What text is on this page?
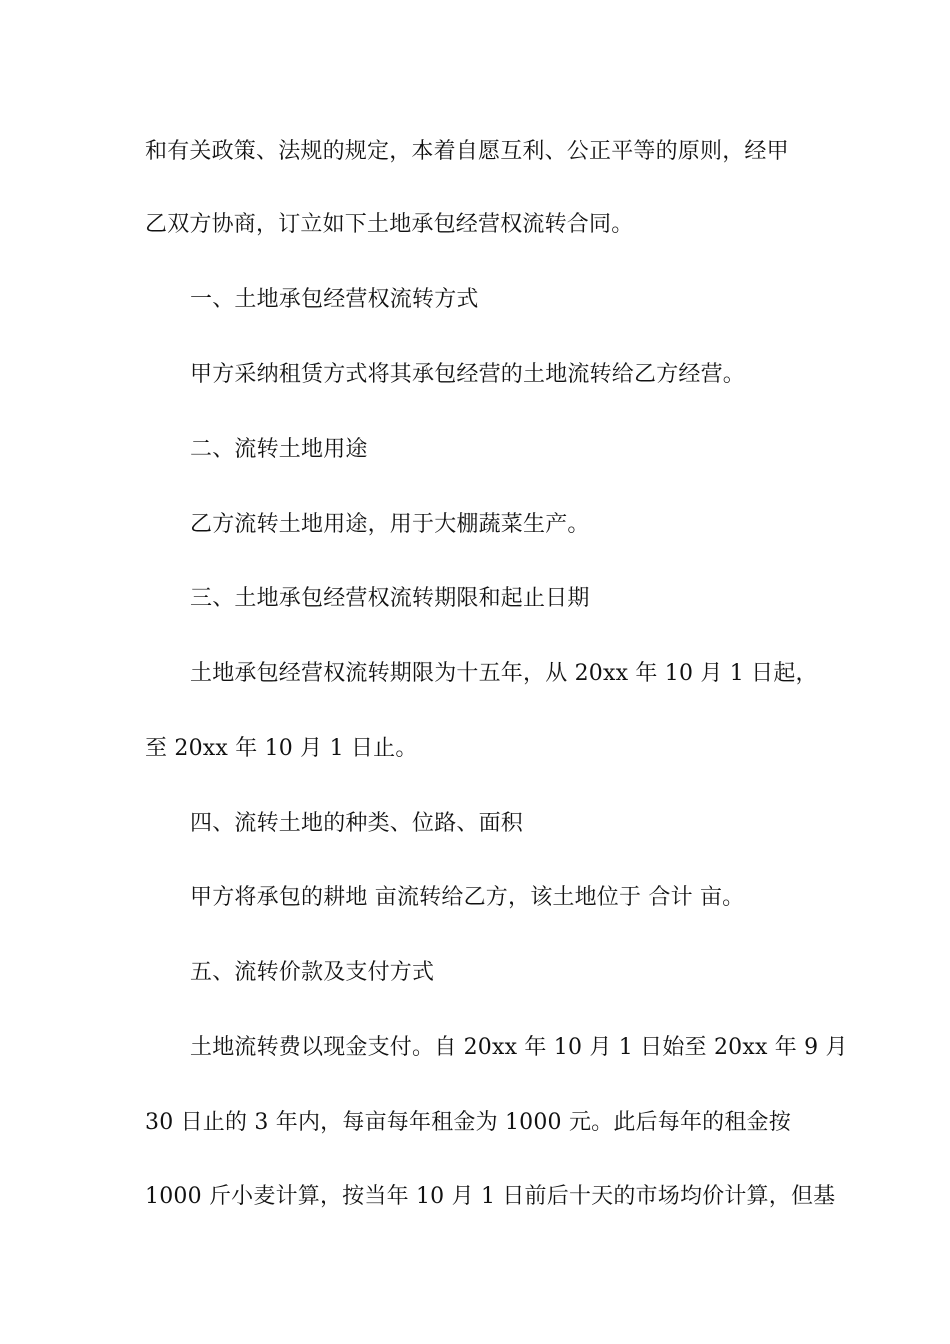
和有关政策、法规的规定，本着自愿互利、公正平等的原则，经甲
乙双方协商，订立如下土地承包经营权流转合同。
一、土地承包经营权流转方式
甲方采纳租赁方式将其承包经营的土地流转给乙方经营。
二、流转土地用途
乙方流转土地用途，用于大棚蔬菜生产。
三、土地承包经营权流转期限和起止日期
土地承包经营权流转期限为十五年，从 20xx 年 10 月 1 日起，
至 20xx 年 10 月 1 日止。
四、流转土地的种类、位路、面积
甲方将承包的耕地 亩流转给乙方，该土地位于 合计 亩。
五、流转价款及支付方式
土地流转费以现金支付。自 20xx 年 10 月 1 日始至 20xx 年 9 月
30 日止的 3 年内，每亩每年租金为 1000 元。此后每年的租金按
1000 斤小麦计算，按当年 10 月 1 日前后十天的市场均价计算，但基
